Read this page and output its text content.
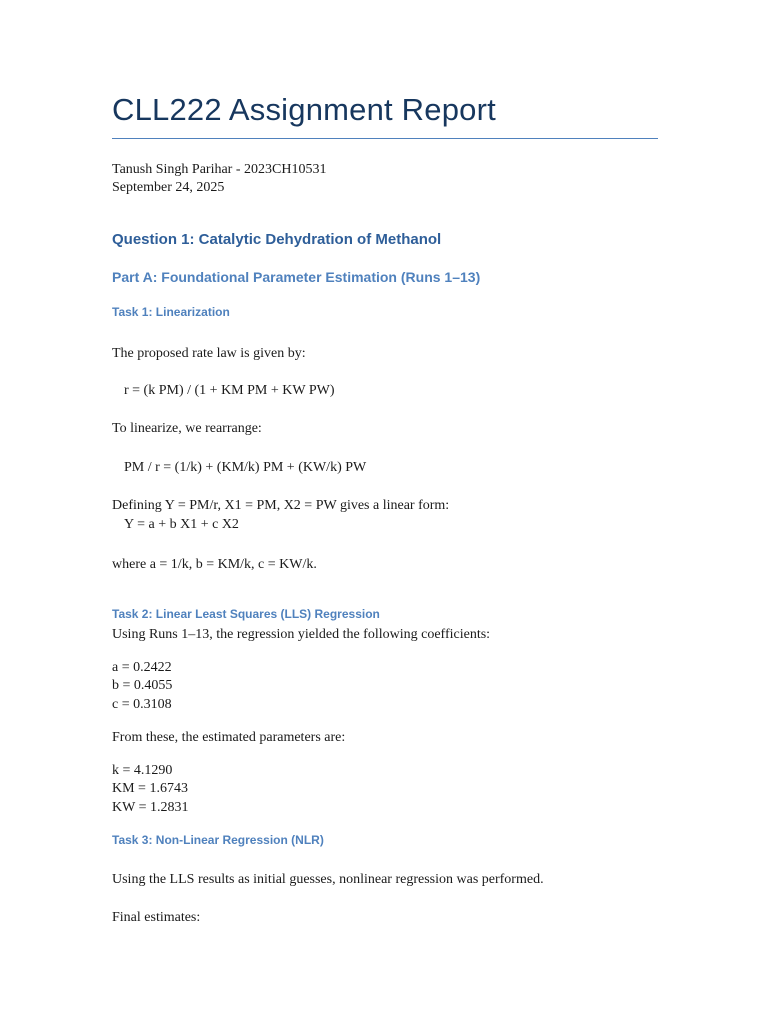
CLL222 Assignment Report
Tanush Singh Parihar - 2023CH10531
September 24, 2025
Question 1: Catalytic Dehydration of Methanol
Part A: Foundational Parameter Estimation (Runs 1–13)
Task 1: Linearization
The proposed rate law is given by:
r = (k PM) / (1 + KM PM + KW PW)
To linearize, we rearrange:
PM / r = (1/k) + (KM/k) PM + (KW/k) PW
Defining Y = PM/r, X1 = PM, X2 = PW gives a linear form:
Y = a + b X1 + c X2
where a = 1/k, b = KM/k, c = KW/k.
Task 2: Linear Least Squares (LLS) Regression
Using Runs 1–13, the regression yielded the following coefficients:
a = 0.2422
b = 0.4055
c = 0.3108
From these, the estimated parameters are:
k = 4.1290
KM = 1.6743
KW = 1.2831
Task 3: Non-Linear Regression (NLR)
Using the LLS results as initial guesses, nonlinear regression was performed.
Final estimates:
